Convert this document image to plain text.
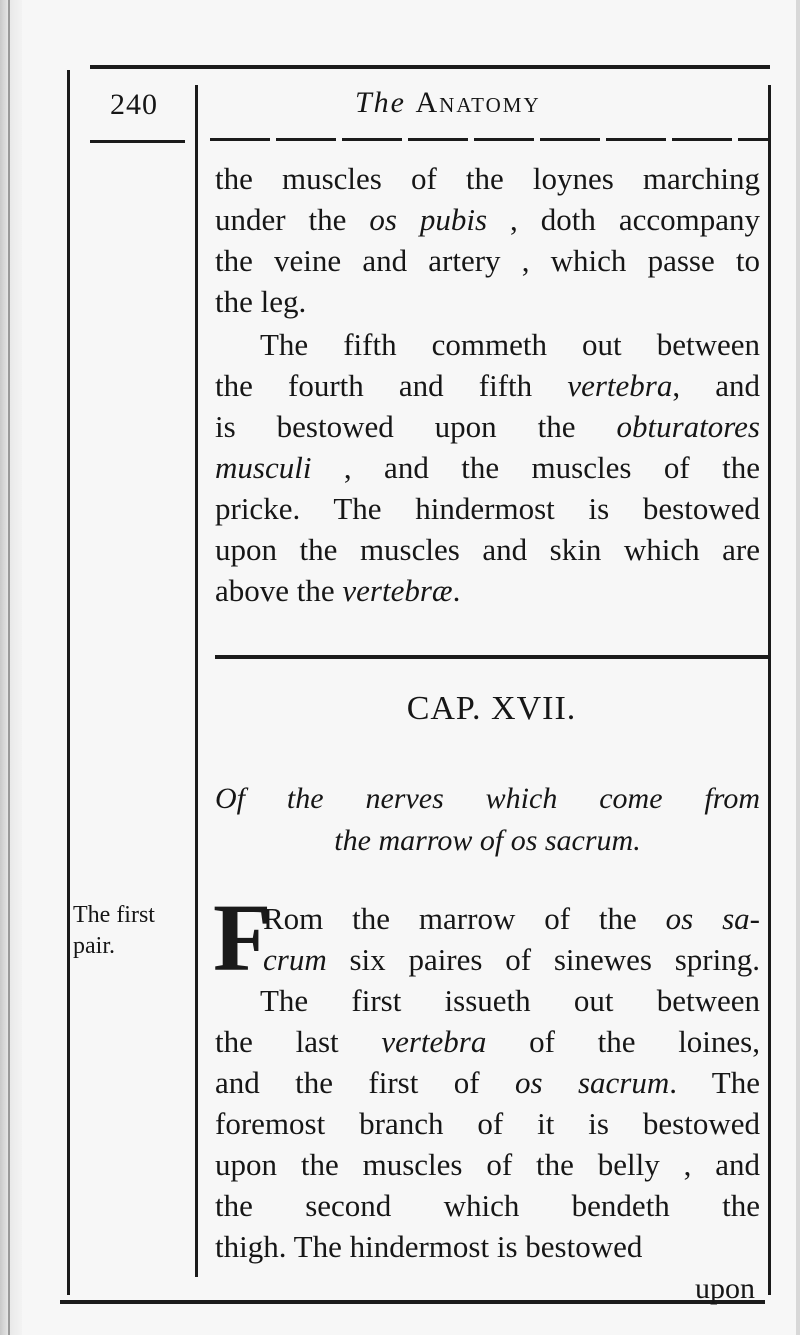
240	The Anatomy
the muscles of the loynes marching
under the os pubis , doth accompany
the veine and artery , which passe to
the leg.
The fifth commeth out between
the fourth and fifth vertebra, and
is bestowed upon the obturatores
musculi , and the muscles of the
pricke. The hindermost is bestowed
upon the muscles and skin which are
above the vertebræ.
CAP. XVII.
Of the nerves which come from
the marrow of os sacrum.
The first
pair.	F
Rom the marrow of the os sa-
crum six paires of sinewes spring.
The first issueth out between
the last vertebra of the loines,
and the first of os sacrum. The
foremost branch of it is bestowed
upon the muscles of the belly , and
the second which bendeth the
thigh. The hindermost is bestowed
upon
